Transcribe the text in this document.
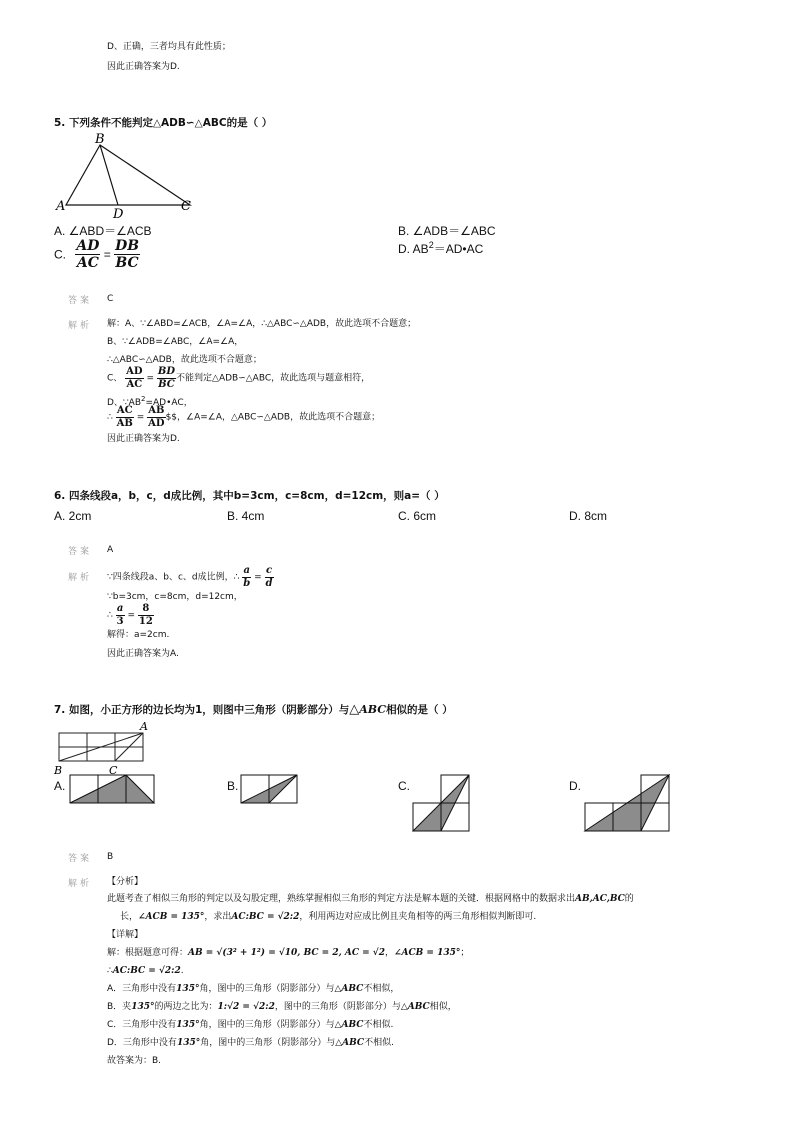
D、正确，三者均具有此性质；
因此正确答案为D.
5. 下列条件不能判定△ADB∽△ABC的是（ ）
B
A
D
C
A. ∠ABD＝∠ACB	B. ∠ADB＝∠ABC
C. $\frac{AD}{AC} = \frac{DB}{BC}$	D. $AB^2=AD•AC$
答案 C
解析 解：A、∵∠ABD=∠ACB，∠A=∠A，∴△ABC∽△ADB，故此选项不合题意；
B、∵∠ADB=∠ABC，∠A=∠A，
∴△ABC∽△ADB，故此选项不合题意；
C、 $\frac{AD}{AC} = \frac{BD}{BC}$ 不能判定△ADB∽△ABC，故此选项与题意相符，
D、$\because AB^2=AD•AC$，
∴ $\frac{AC}{AB} = \frac{AB}{AD}$ $$，∠A=∠A，△ABC∽△ADB，故此选项不合题意；
因此正确答案为D.
6. 四条线段a，b，c，d成比例，其中b=3cm，c=8cm，d=12cm，则a=（ ）
A. 2cm	B. 4cm	C. 6cm	D. 8cm
答案 A
解析 ∵四条线段a、b、c、d成比例，∴ $\frac{a}{b} = \frac{c}{d}$
∵b=3cm，c=8cm，d=12cm，
∴ $\frac{a}{3} = \frac{8}{12}$
解得：a=2cm.
因此正确答案为A.
7. 如图，小正方形的边长均为1，则图中三角形（阴影部分）与△ABC相似的是（ ）
A
B	C
A.	B.	C.	D.
答案 B
解析 【分析】
此题考查了相似三角形的判定以及勾股定理，熟练掌握相似三角形的判定方法是解本题的关键．根据网格中的数据求出AB,AC,BC的
长，∠ACB = 135°，求出AC:BC = √2:2，利用两边对应成比例且夹角相等的两三角形相似判断即可.
【详解】
解：根据题意可得：AB = √(3² + 1²) = √10, BC = 2, AC = √2，∠ACB = 135°；
∴AC:BC = √2:2.
A．三角形中没有135°角，图中的三角形（阴影部分）与△ABC不相似，
B．夹135°的两边之比为：1:√2 = √2:2，图中的三角形（阴影部分）与△ABC相似，
C．三角形中没有135°角，图中的三角形（阴影部分）与△ABC不相似.
D．三角形中没有135°角，图中的三角形（阴影部分）与△ABC不相似.
故答案为：B.
